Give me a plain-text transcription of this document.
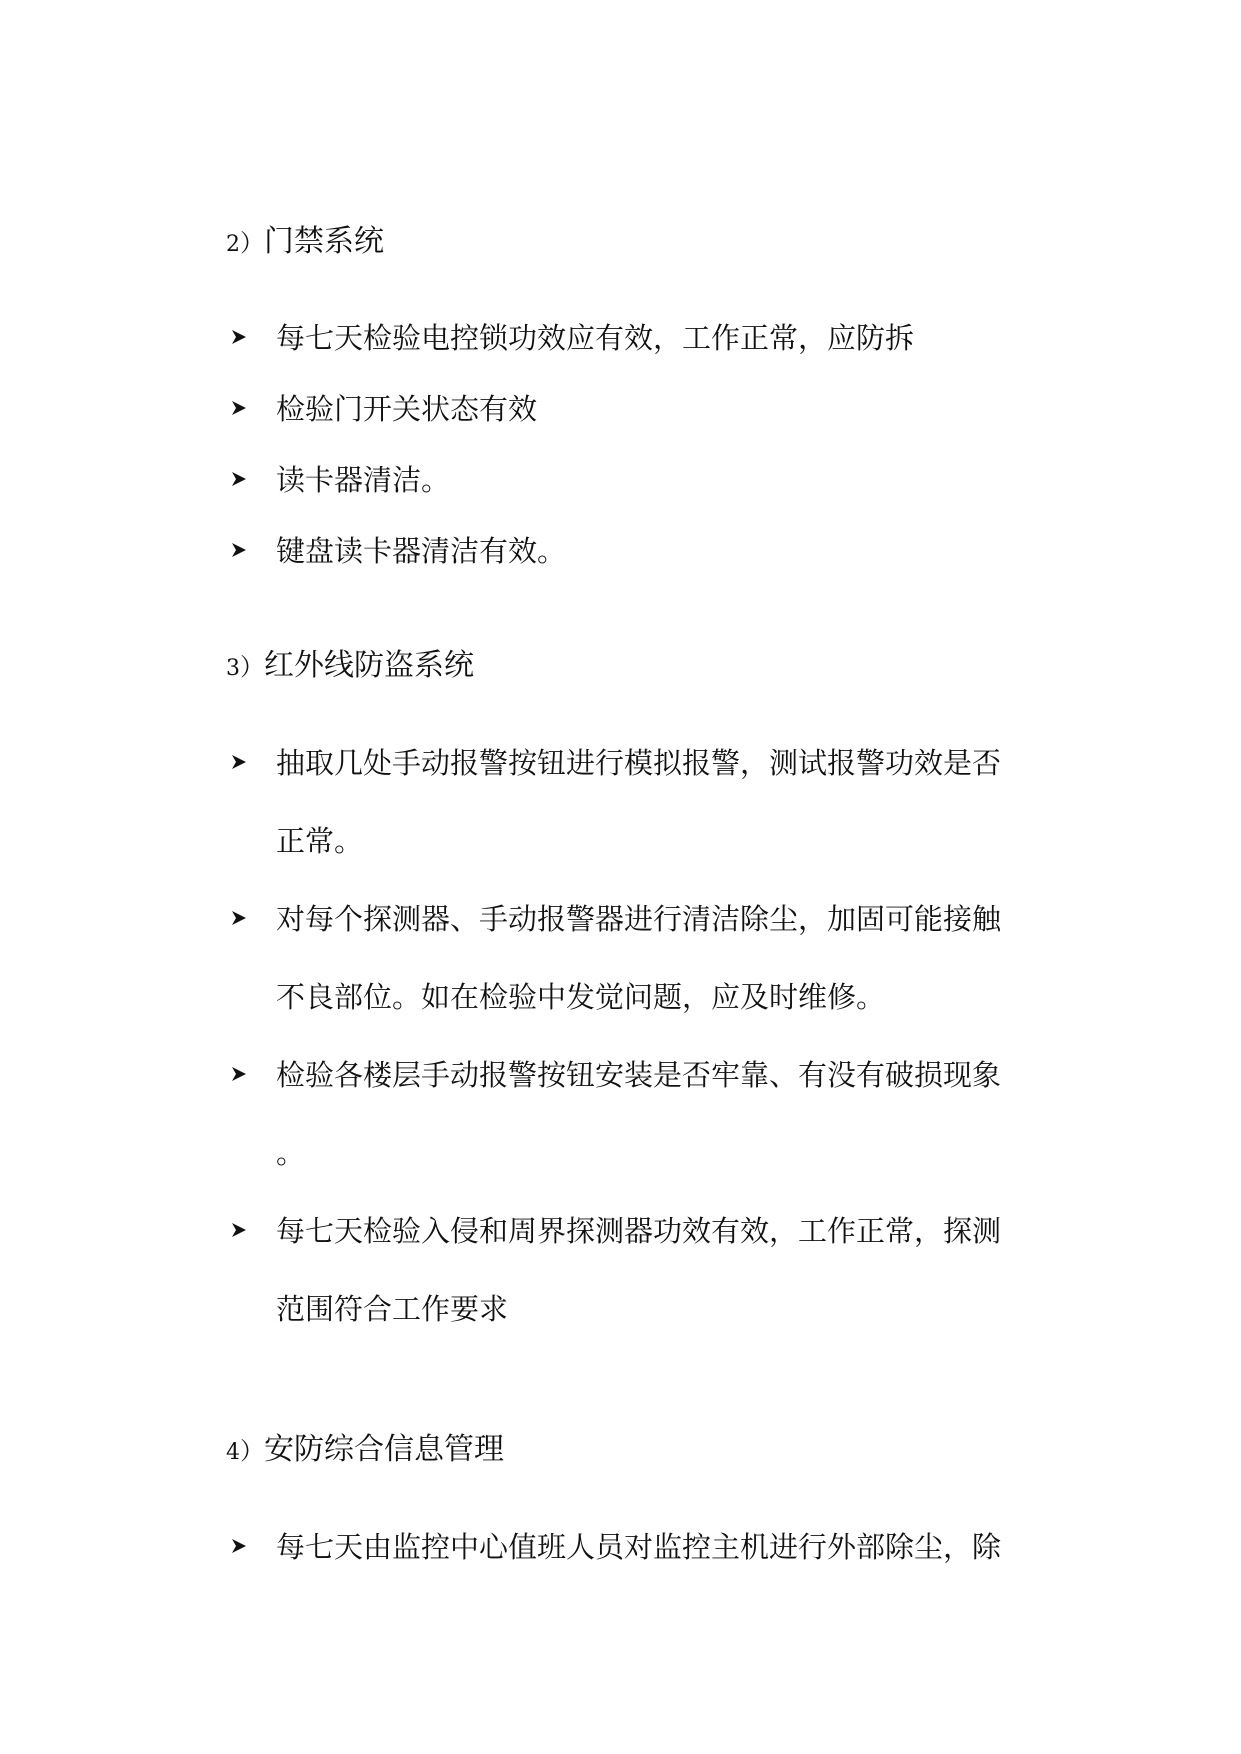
2）门禁系统
每七天检验电控锁功效应有效，工作正常，应防拆
检验门开关状态有效
读卡器清洁。
键盘读卡器清洁有效。
3）红外线防盗系统
抽取几处手动报警按钮进行模拟报警，测试报警功效是否
正常。
对每个探测器、手动报警器进行清洁除尘，加固可能接触
不良部位。如在检验中发觉问题，应及时维修。
检验各楼层手动报警按钮安装是否牢靠、有没有破损现象
。
每七天检验入侵和周界探测器功效有效，工作正常，探测
范围符合工作要求
4）安防综合信息管理
每七天由监控中心值班人员对监控主机进行外部除尘，除
